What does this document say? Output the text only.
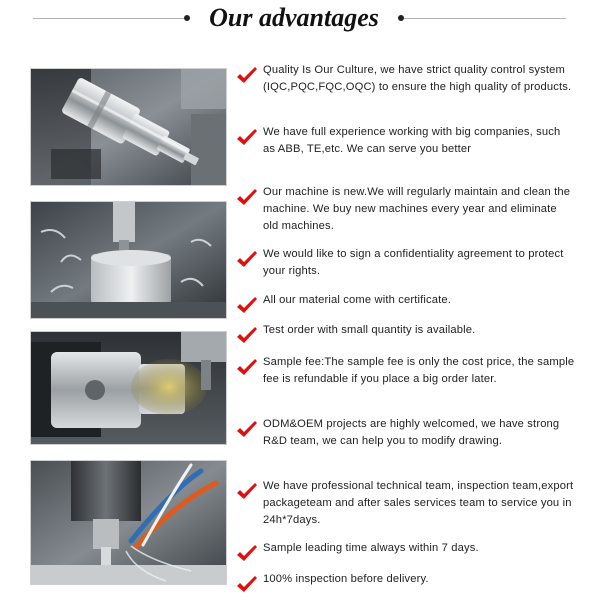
Our advantages

Quality Is Our Culture, we have strict quality control system (IQC,PQC,FQC,OQC) to ensure the high quality of products.

We have full experience working with big companies, such as ABB, TE,etc. We can serve you better

Our machine is new.We will regularly maintain and clean the machine. We buy new machines every year and eliminate old machines.

We would like to sign a confidentiality agreement to protect your rights.

All our material come with certificate.

Test order with small quantity is available.

Sample fee:The sample fee is only the cost price, the sample fee is refundable if you place a big order later.

ODM&OEM projects are highly welcomed, we have strong R&D team, we can help you to modify drawing.

We have professional technical team, inspection team,export packageteam and after sales services team to service you in 24h*7days.

Sample leading time always within 7 days.

100% inspection before delivery.
